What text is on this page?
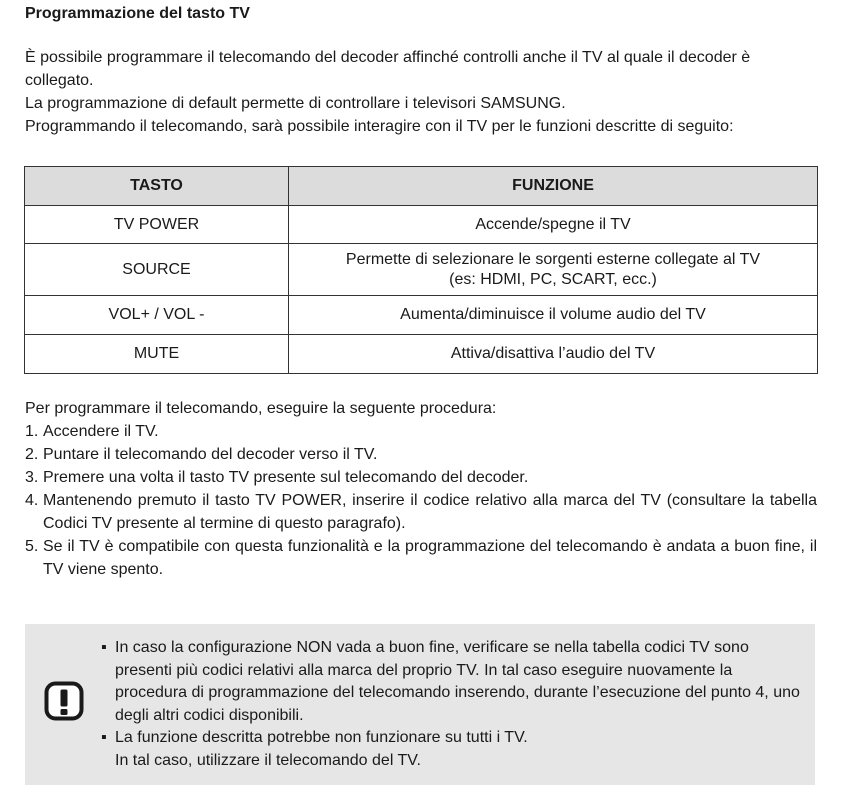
Programmazione del tasto TV

È possibile programmare il telecomando del decoder affinché controlli anche il TV al quale il decoder è collegato.

La programmazione di default permette di controllare i televisori SAMSUNG.

Programmando il telecomando, sarà possibile interagire con il TV per le funzioni descritte di seguito:

TASTO	FUNZIONE
TV POWER	Accende/spegne il TV
SOURCE	Permette di selezionare le sorgenti esterne collegate al TV
(es: HDMI, PC, SCART, ecc.)
VOL+ / VOL -	Aumenta/diminuisce il volume audio del TV
MUTE	Attiva/disattiva l’audio del TV

Per programmare il telecomando, eseguire la seguente procedura:

1. Accendere il TV.
2. Puntare il telecomando del decoder verso il TV.
3. Premere una volta il tasto TV presente sul telecomando del decoder.
4. Mantenendo premuto il tasto TV POWER, inserire il codice relativo alla marca del TV (consultare la tabella Codici TV presente al termine di questo paragrafo).
5. Se il TV è compatibile con questa funzionalità e la programmazione del telecomando è andata a buon fine, il TV viene spento.
▪ In caso la configurazione NON vada a buon fine, verificare se nella tabella codici TV sono presenti più codici relativi alla marca del proprio TV. In tal caso eseguire nuovamente la procedura di programmazione del telecomando inserendo, durante l’esecuzione del punto 4, uno degli altri codici disponibili.
▪ La funzione descritta potrebbe non funzionare su tutti i TV.
In tal caso, utilizzare il telecomando del TV.
